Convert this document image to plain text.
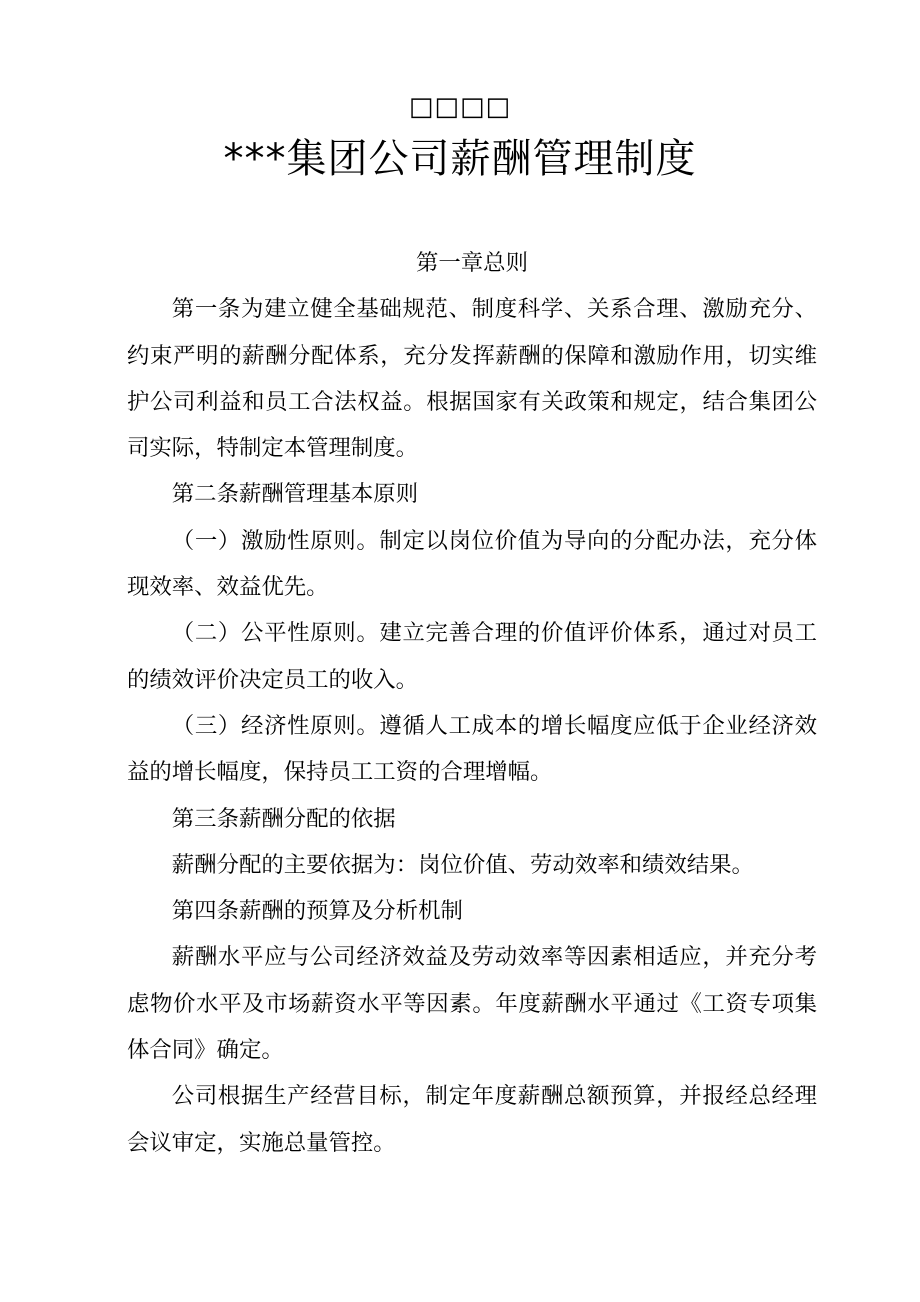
□□□□
***集团公司薪酬管理制度

第一章总则

第一条为建立健全基础规范、制度科学、关系合理、激励充分、约束严明的薪酬分配体系，充分发挥薪酬的保障和激励作用，切实维护公司利益和员工合法权益。根据国家有关政策和规定，结合集团公司实际，特制定本管理制度。

第二条薪酬管理基本原则

（一）激励性原则。制定以岗位价值为导向的分配办法，充分体现效率、效益优先。

（二）公平性原则。建立完善合理的价值评价体系，通过对员工的绩效评价决定员工的收入。

（三）经济性原则。遵循人工成本的增长幅度应低于企业经济效益的增长幅度，保持员工工资的合理增幅。

第三条薪酬分配的依据

薪酬分配的主要依据为：岗位价值、劳动效率和绩效结果。

第四条薪酬的预算及分析机制

薪酬水平应与公司经济效益及劳动效率等因素相适应，并充分考虑物价水平及市场薪资水平等因素。年度薪酬水平通过《工资专项集体合同》确定。

公司根据生产经营目标，制定年度薪酬总额预算，并报经总经理会议审定，实施总量管控。
